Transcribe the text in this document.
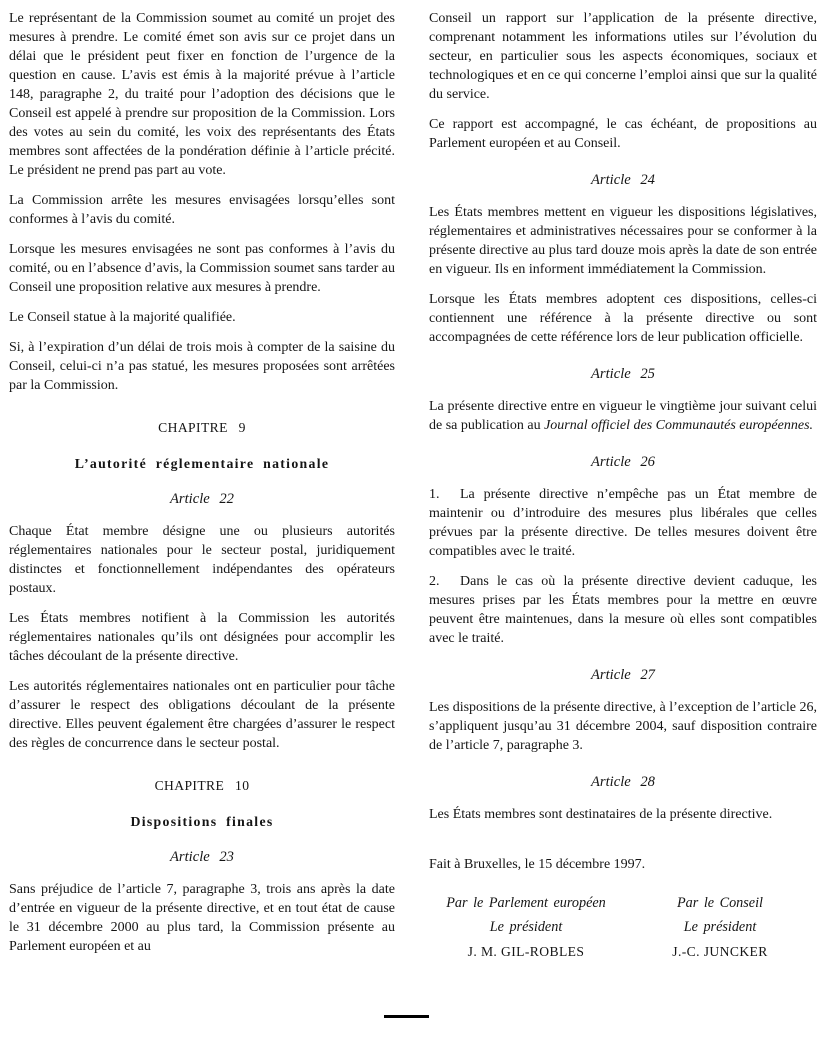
Le représentant de la Commission soumet au comité un projet des mesures à prendre. Le comité émet son avis sur ce projet dans un délai que le président peut fixer en fonction de l’urgence de la question en cause. L’avis est émis à la majorité prévue à l’article 148, paragraphe 2, du traité pour l’adoption des décisions que le Conseil est appelé à prendre sur proposition de la Commission. Lors des votes au sein du comité, les voix des représentants des États membres sont affectées de la pondération définie à l’article précité. Le président ne prend pas part au vote.

La Commission arrête les mesures envisagées lorsqu’elles sont conformes à l’avis du comité.

Lorsque les mesures envisagées ne sont pas conformes à l’avis du comité, ou en l’absence d’avis, la Commission soumet sans tarder au Conseil une proposition relative aux mesures à prendre.

Le Conseil statue à la majorité qualifiée.

Si, à l’expiration d’un délai de trois mois à compter de la saisine du Conseil, celui-ci n’a pas statué, les mesures proposées sont arrêtées par la Commission.

CHAPITRE 9
L’autorité réglementaire nationale
Article 22

Chaque État membre désigne une ou plusieurs autorités réglementaires nationales pour le secteur postal, juridiquement distinctes et fonctionnellement indépendantes des opérateurs postaux.

Les États membres notifient à la Commission les autorités réglementaires nationales qu’ils ont désignées pour accomplir les tâches découlant de la présente directive.

Les autorités réglementaires nationales ont en particulier pour tâche d’assurer le respect des obligations découlant de la présente directive. Elles peuvent également être chargées d’assurer le respect des règles de concurrence dans le secteur postal.

CHAPITRE 10
Dispositions finales
Article 23

Sans préjudice de l’article 7, paragraphe 3, trois ans après la date d’entrée en vigueur de la présente directive, et en tout état de cause le 31 décembre 2000 au plus tard, la Commission présente au Parlement européen et au

Conseil un rapport sur l’application de la présente directive, comprenant notamment les informations utiles sur l’évolution du secteur, en particulier sous les aspects économiques, sociaux et technologiques et en ce qui concerne l’emploi ainsi que sur la qualité du service.

Ce rapport est accompagné, le cas échéant, de propositions au Parlement européen et au Conseil.

Article 24

Les États membres mettent en vigueur les dispositions législatives, réglementaires et administratives nécessaires pour se conformer à la présente directive au plus tard douze mois après la date de son entrée en vigueur. Ils en informent immédiatement la Commission.

Lorsque les États membres adoptent ces dispositions, celles-ci contiennent une référence à la présente directive ou sont accompagnées de cette référence lors de leur publication officielle.

Article 25

La présente directive entre en vigueur le vingtième jour suivant celui de sa publication au Journal officiel des Communautés européennes.

Article 26

1. La présente directive n’empêche pas un État membre de maintenir ou d’introduire des mesures plus libérales que celles prévues par la présente directive. De telles mesures doivent être compatibles avec le traité.

2. Dans le cas où la présente directive devient caduque, les mesures prises par les États membres pour la mettre en œuvre peuvent être maintenues, dans la mesure où elles sont compatibles avec le traité.

Article 27

Les dispositions de la présente directive, à l’exception de l’article 26, s’appliquent jusqu’au 31 décembre 2004, sauf disposition contraire de l’article 7, paragraphe 3.

Article 28

Les États membres sont destinataires de la présente directive.

Fait à Bruxelles, le 15 décembre 1997.

Par le Parlement européen
Le président
J. M. GIL-ROBLES
Par le Conseil
Le président
J.-C. JUNCKER
